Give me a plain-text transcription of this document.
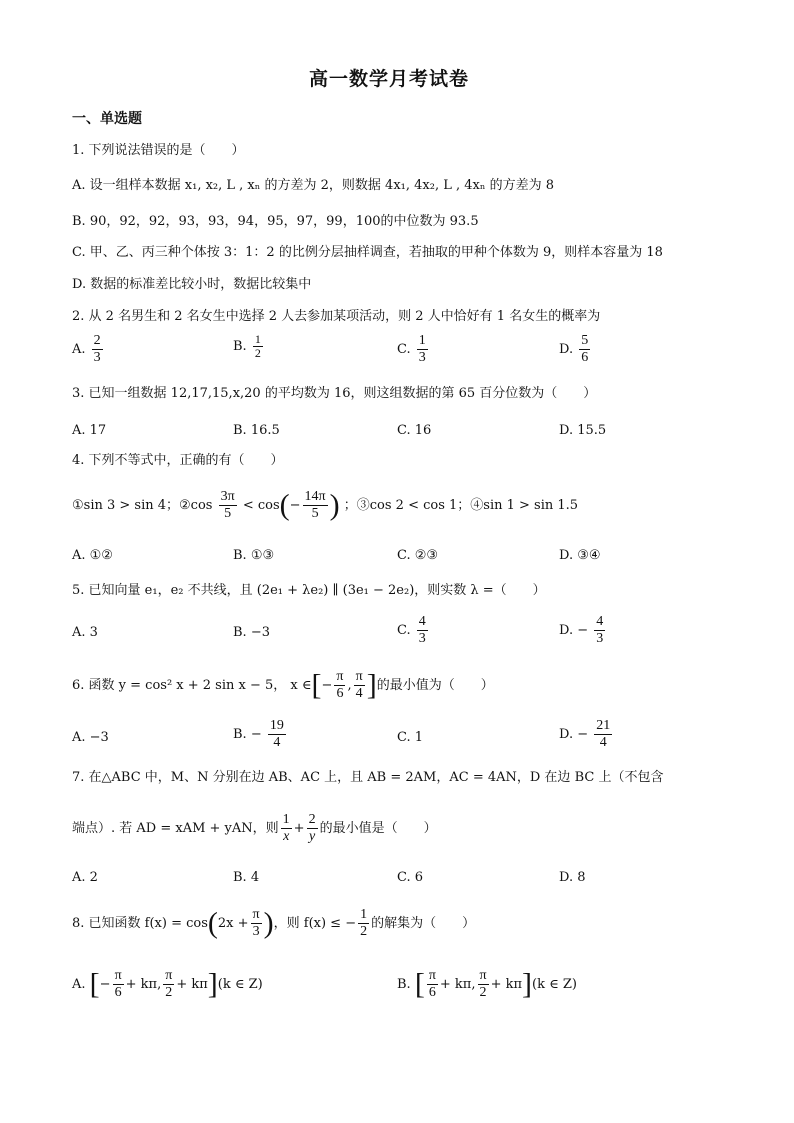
高一数学月考试卷
一、单选题
1. 下列说法错误的是（　　）
A. 设一组样本数据 x₁, x₂, L , xₙ 的方差为 2，则数据 4x₁, 4x₂, L , 4xₙ 的方差为 8
B. 90，92，92，93，93，94，95，97，99，100的中位数为 93.5
C. 甲、乙、丙三种个体按 3：1：2 的比例分层抽样调查，若抽取的甲种个体数为 9，则样本容量为 18
D. 数据的标准差比较小时，数据比较集中
2. 从 2 名男生和 2 名女生中选择 2 人去参加某项活动，则 2 人中恰好有 1 名女生的概率为
A. $\frac{2}{3}$	B. $\frac{1}{2}$	C. $\frac{1}{3}$	D. $\frac{5}{6}$
3. 已知一组数据 12,17,15,x,20 的平均数为 16，则这组数据的第 65 百分位数为（　　）
A. 17	B. 16.5	C. 16	D. 15.5
4. 下列不等式中，正确的有（　　）
①sin 3 > sin 4；②cos $\frac{3\pi}{5} < \cos(- \frac{14\pi}{5}$ ) ；③cos 2 < cos 1；④sin 1 > sin 1.5
A. ①②	B. ①③	C. ②③	D. ③④
5. 已知向量 e₁，e₂ 不共线，且 (2e₁ + λe₂) ∥ (3e₁ − 2e₂)，则实数 λ =（　　）
A. 3	B. −3	C. $\frac{4}{3}$	D. − $\frac{4}{3}$
6. 函数 y = cos² x + 2 sin x − 5， x ∈[− $\frac{\pi}{6}$ , $\frac{\pi}{4}$ ]的最小值为（　　）
A. −3	B. − $\frac{19}{4}$	C. 1	D. − $\frac{21}{4}$
7. 在△ABC 中，M、N 分别在边 AB、AC 上，且 AB = 2AM，AC = 4AN，D 在边 BC 上（不包含
端点）. 若 AD = xAM + yAN，则 $\frac{1}{x} + \frac{2}{y}$ 的最小值是（　　）
A. 2	B. 4	C. 6	D. 8
8. 已知函数 $f(x) = \cos(2x + \frac{\pi}{3}$ )，则 f(x) ≤ − $\frac{1}{2}$ 的解集为（　　）
A. [− $\frac{\pi}{6} + k\pi$, $\frac{\pi}{2} + k\pi](k$ ∈ Z)	B. [ $\frac{\pi}{6} + k\pi$, $\frac{\pi}{2} + k\pi](k$ ∈ Z)
